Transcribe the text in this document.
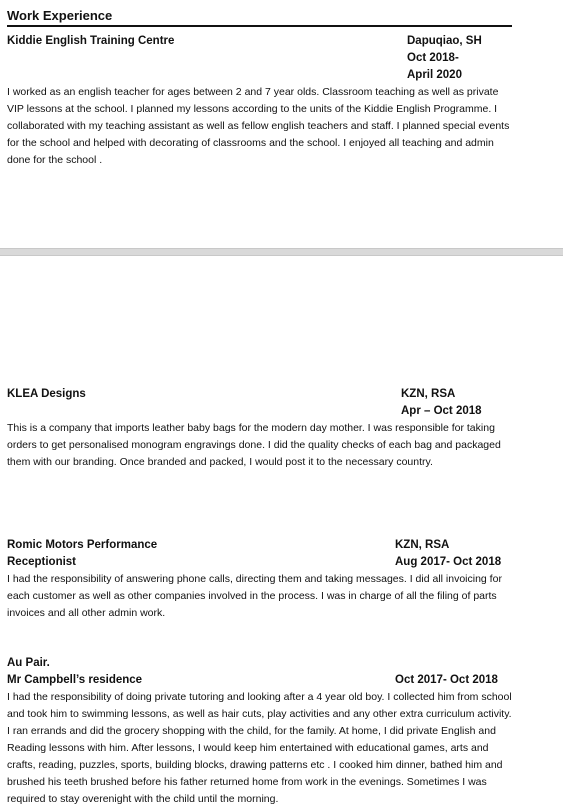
Work Experience
Kiddie English Training Centre	Dapuqiao, SH
Oct 2018-
April 2020
I worked as an english teacher for ages between 2 and 7 year olds. Classroom teaching as well as private VIP lessons at the school. I planned my lessons according to the units of the Kiddie English Programme. I collaborated with my teaching assistant as well as fellow english teachers and staff. I planned special events for the school and helped with decorating of classrooms and the school. I enjoyed all teaching and admin done for the school .
KLEA Designs	KZN, RSA
Apr – Oct 2018
This is a company that imports leather baby bags for the modern day mother. I was responsible for taking orders to get personalised monogram engravings done. I did the quality checks of each bag and packaged them with our branding. Once branded and packed, I would post it to the necessary country.
Romic Motors Performance	KZN, RSA
Receptionist	Aug 2017- Oct 2018
I had the responsibility of answering phone calls, directing them and taking messages. I did all invoicing for each customer as well as other companies involved in the process. I was in charge of all the filing of parts invoices and all other admin work.
Au Pair.
Mr Campbell’s residence	Oct 2017- Oct 2018
I had the responsibility of doing private tutoring and looking after a 4 year old boy. I collected him from school and took him to swimming lessons, as well as hair cuts, play activities and any other extra curriculum activity. I ran errands and did the grocery shopping with the child, for the family. At home, I did private English and Reading lessons with him. After lessons, I would keep him entertained with educational games, arts and crafts, reading, puzzles, sports, building blocks, drawing patterns etc . I cooked him dinner, bathed him and brushed his teeth brushed before his father returned home from work in the evenings. Sometimes I was required to stay overenight with the child until the morning.
